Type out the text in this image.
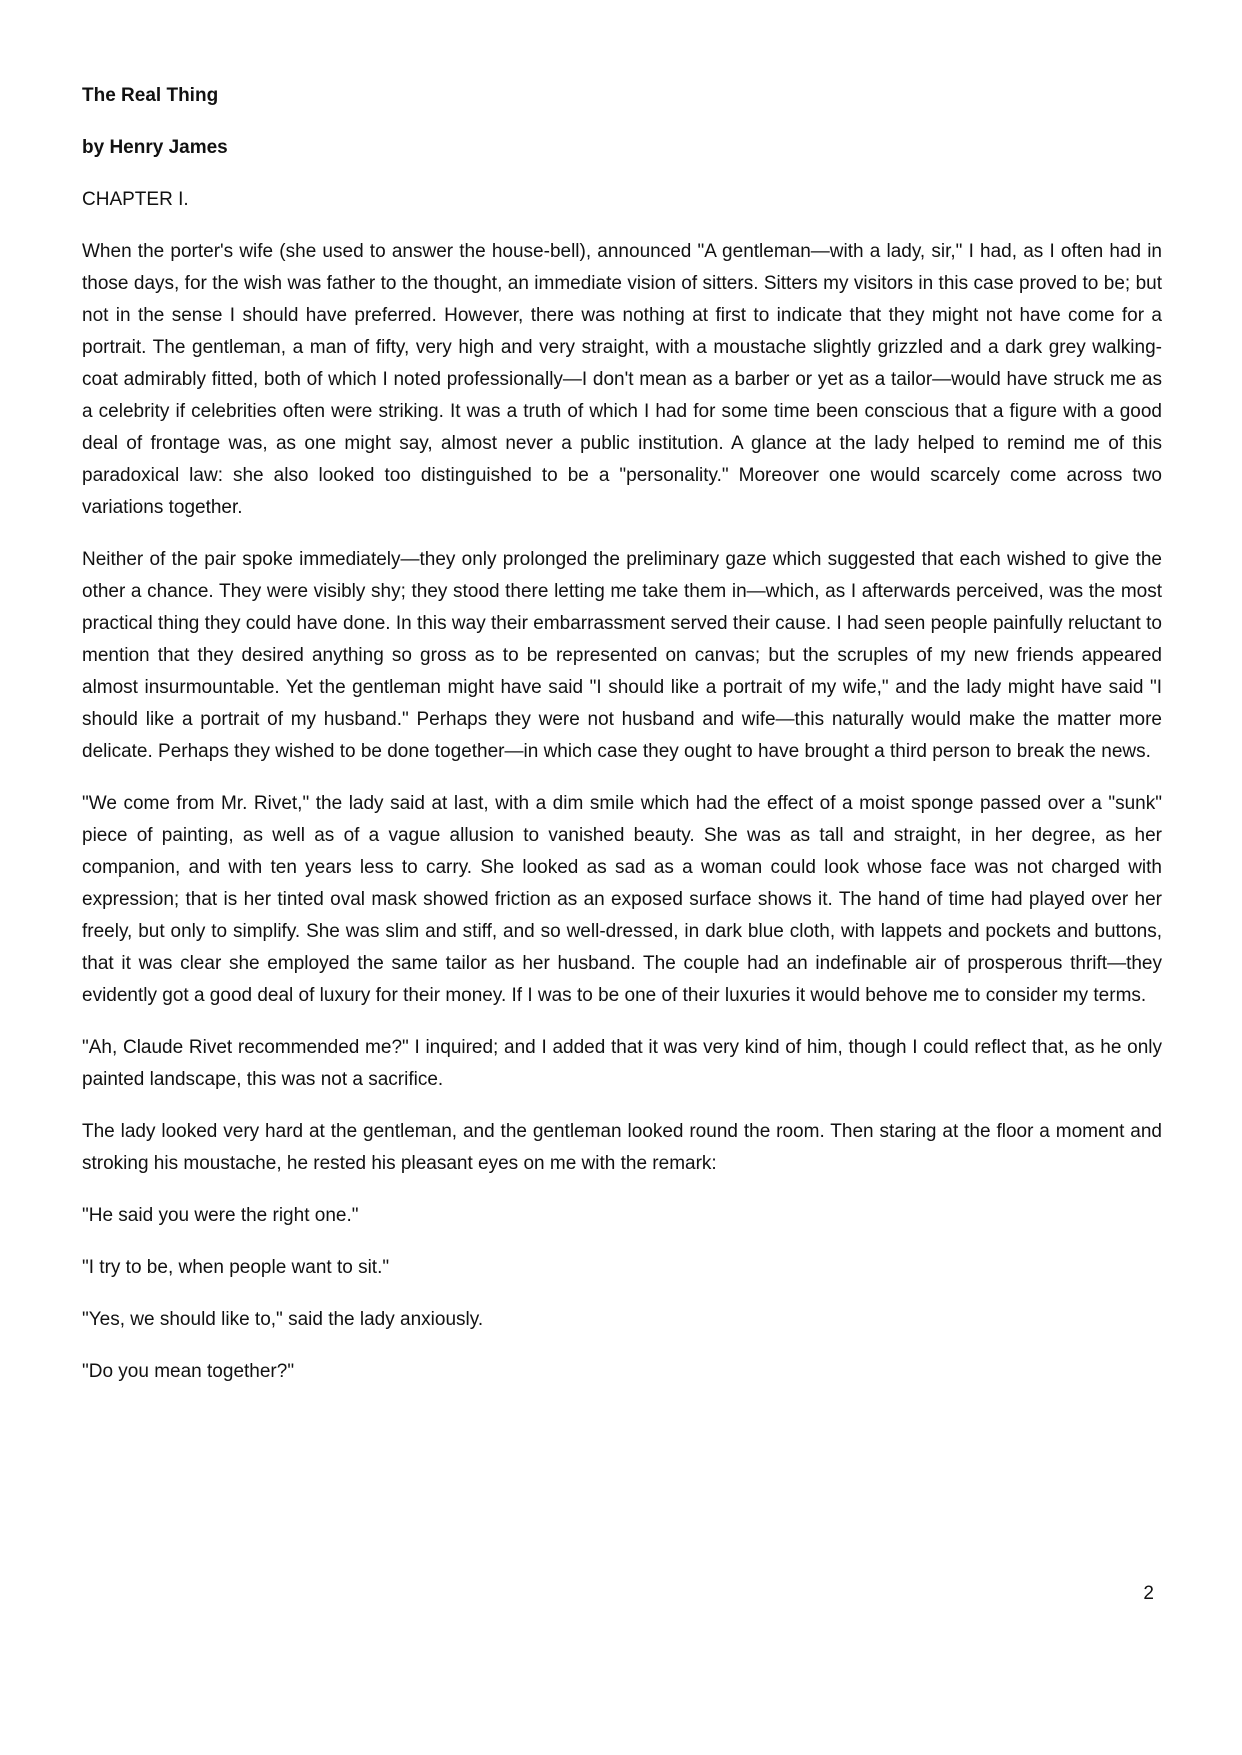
The Real Thing

by Henry James

CHAPTER I.

When the porter's wife (she used to answer the house-bell), announced "A gentleman—with a lady, sir," I had, as I often had in those days, for the wish was father to the thought, an immediate vision of sitters. Sitters my visitors in this case proved to be; but not in the sense I should have preferred. However, there was nothing at first to indicate that they might not have come for a portrait. The gentleman, a man of fifty, very high and very straight, with a moustache slightly grizzled and a dark grey walking-coat admirably fitted, both of which I noted professionally—I don't mean as a barber or yet as a tailor—would have struck me as a celebrity if celebrities often were striking. It was a truth of which I had for some time been conscious that a figure with a good deal of frontage was, as one might say, almost never a public institution. A glance at the lady helped to remind me of this paradoxical law: she also looked too distinguished to be a "personality." Moreover one would scarcely come across two variations together.

Neither of the pair spoke immediately—they only prolonged the preliminary gaze which suggested that each wished to give the other a chance. They were visibly shy; they stood there letting me take them in—which, as I afterwards perceived, was the most practical thing they could have done. In this way their embarrassment served their cause. I had seen people painfully reluctant to mention that they desired anything so gross as to be represented on canvas; but the scruples of my new friends appeared almost insurmountable. Yet the gentleman might have said "I should like a portrait of my wife," and the lady might have said "I should like a portrait of my husband." Perhaps they were not husband and wife—this naturally would make the matter more delicate. Perhaps they wished to be done together—in which case they ought to have brought a third person to break the news.

"We come from Mr. Rivet," the lady said at last, with a dim smile which had the effect of a moist sponge passed over a "sunk" piece of painting, as well as of a vague allusion to vanished beauty. She was as tall and straight, in her degree, as her companion, and with ten years less to carry. She looked as sad as a woman could look whose face was not charged with expression; that is her tinted oval mask showed friction as an exposed surface shows it. The hand of time had played over her freely, but only to simplify. She was slim and stiff, and so well-dressed, in dark blue cloth, with lappets and pockets and buttons, that it was clear she employed the same tailor as her husband. The couple had an indefinable air of prosperous thrift—they evidently got a good deal of luxury for their money. If I was to be one of their luxuries it would behove me to consider my terms.

"Ah, Claude Rivet recommended me?" I inquired; and I added that it was very kind of him, though I could reflect that, as he only painted landscape, this was not a sacrifice.

The lady looked very hard at the gentleman, and the gentleman looked round the room. Then staring at the floor a moment and stroking his moustache, he rested his pleasant eyes on me with the remark:

"He said you were the right one."

"I try to be, when people want to sit."

"Yes, we should like to," said the lady anxiously.

"Do you mean together?"

2
